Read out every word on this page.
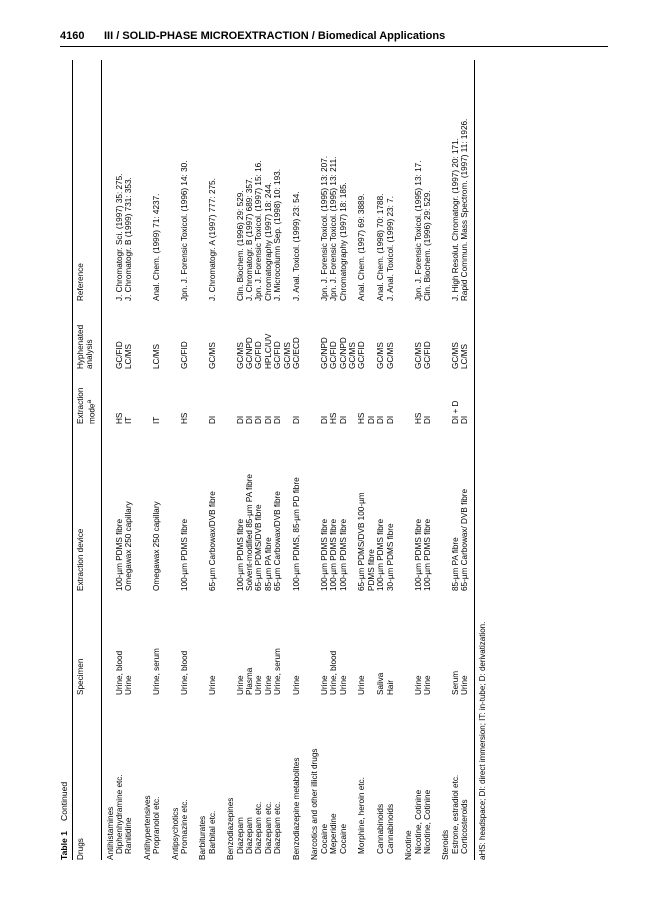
4160 III / SOLID-PHASE MICROEXTRACTION / Biomedical Applications
Table 1Continued
Drugs	Specimen	Extraction device	Extraction mode$^a$	Hyphenated analysis	Reference
Antihistamines					
Diphenhydramine etc.	Urine, blood	100-µm PDMS fibre	HS	GC/FID	J. Chromatogr. Sci. (1997) 35: 275.
Ranitidine	Urine	Omegawax 250 capillary	IT	LC/MS	J. Chromatogr. B (1999) 731: 353.

Antihypertensives					
Propranolol etc.	Urine, serum	Omegawax 250 capillary	IT	LC/MS	Anal. Chem. (1999) 71: 4237.

Antipsychotics					
Promazine etc.	Urine, blood	100-µm PDMS fibre	HS	GC/FID	Jpn. J. Forensic Toxicol. (1996) 14: 30.

Barbiturates					
Barbital etc.	Urine	65-µm Carbowax/DVB fibre	DI	GC/MS	J. Chromatogr. A (1997) 777: 275.

Benzodiazepines					
Diazepam	Urine	100-µm PDMS fibre	DI	GC/MS	Clin. Biochem. (1996) 29: 529.
Diazepam	Plasma	Solvent-modified 85-µm PA fibre	DI	GC/NPD	J. Chromatogr. B (1997) 689: 357.
Diazepam etc.	Urine	65-µm PDMS/DVB fibre	DI	GC/FID	Jpn. J. Forensic Toxicol. (1997) 15: 16.
Diazepam etc.	Urine	85-µm PA fibre	DI	HPLC/UV	Chromatography (1997) 18: 244.
Diazepam etc.	Urine, serum	65-µm Carbowax/DVB fibre	DI	GC/FID	J. Microcolumn Sep. (1998) 10: 193.
				GC/MS	
Benzodiazepine metabolites	Urine	100-µm PDMS, 85-µm PD fibre	DI	GC/ECD	J. Anal. Toxicol. (1999) 23: 54.

Narcotics and other illicit drugs					
Cocaine	Urine	100-µm PDMS fibre	DI	GC/NPD	Jpn. J. Forensic Toxicol. (1995) 13: 207.
Meperidine	Urine, blood	100-µm PDMS fibre	HS	GC/FID	Jpn. J. Forensic Toxicol. (1995) 13: 211.
Cocaine	Urine	100-µm PDMS fibre	DI	GC/NPD	Chromatography (1997) 18: 185.
				GC/MS	
Morphine, heroin etc.	Urine	65-µm PDMS/DVB 100-µm	HS	GC/FID	Anal. Chem. (1997) 69: 3889.
		PDMS fibre	DI		
Cannabinoids	Saliva	100-µm PDMS fibre	DI	GC/MS	Anal. Chem. (1998) 70: 1788.
Cannabinoids	Hair	30-µm PDMS fibre	DI	GC/MS	J. Anal. Toxicol. (1999) 23: 7.

Nicotine					
Nicotine, Cotinine	Urine	100-µm PDMS fibre	HS	GC/MS	Jpn. J. Forensic Toxicol. (1995) 13: 17.
Nicotine, Cotinine	Urine	100-µm PDMS fibre	DI	GC/FID	Clin. Biochem. (1996) 29: 529.

Steroids					
Estrone, estradiol etc.	Serum	85-µm PA fibre	DI + D	GC/MS	J. High Resolut. Chromatogr. (1997) 20: 171.
Corticosteroids	Urine	65-µm Carbowax/ DVB fibre	DI	LC/MS	Rapid Commun. Mass Spectrom. (1997) 11: 1926.
aHS: headspace; DI: direct immersion; IT: in-tube; D: derivatization.
